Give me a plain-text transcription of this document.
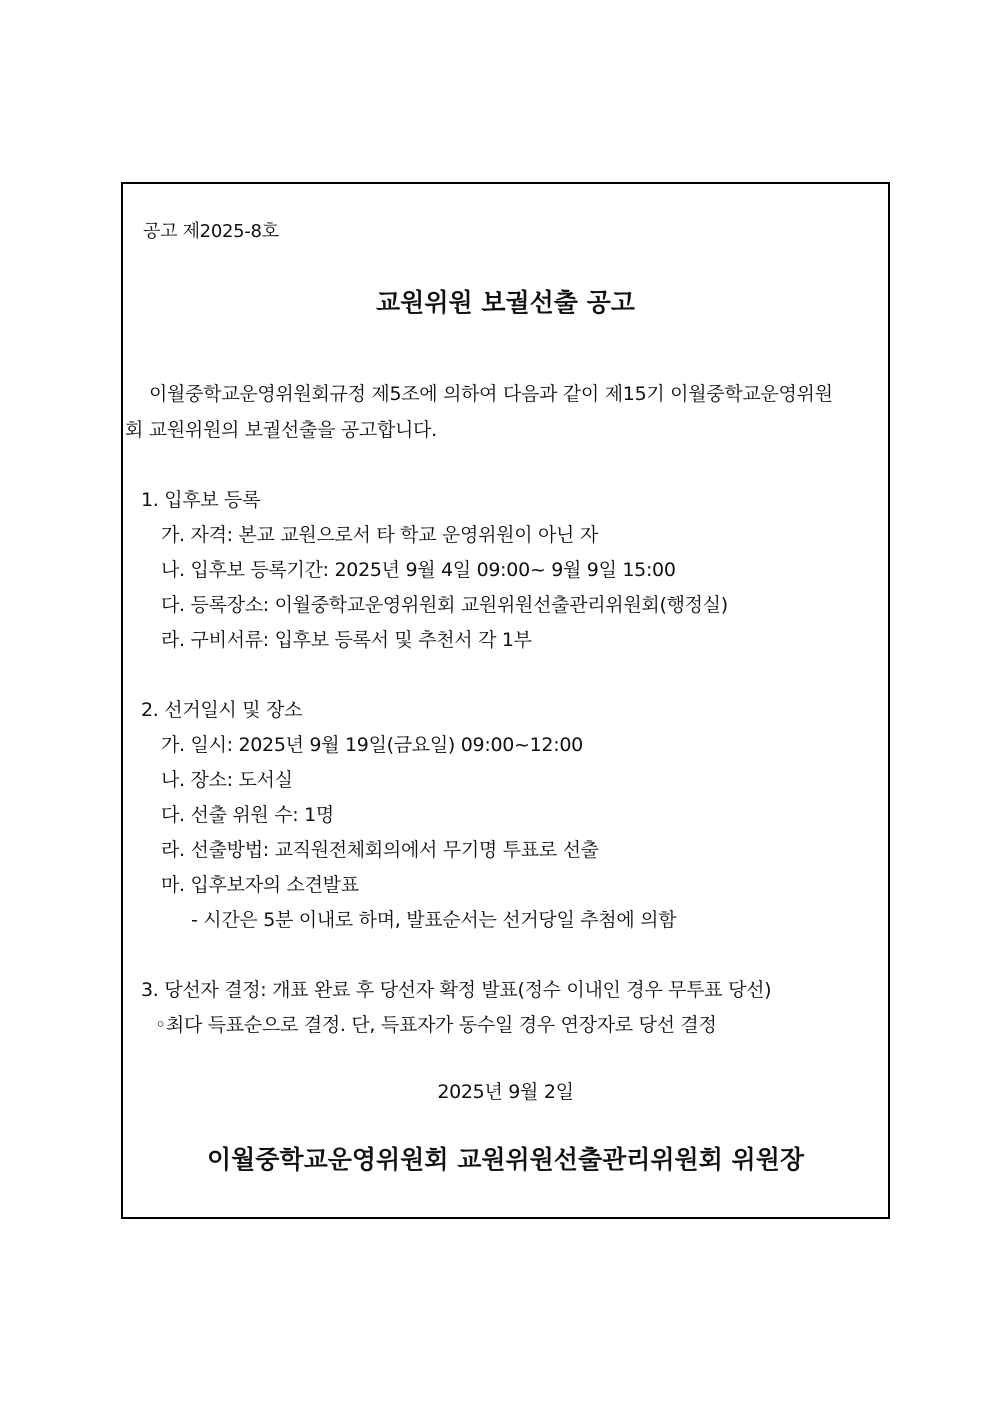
공고 제2025-8호
교원위원 보궐선출 공고
이월중학교운영위원회규정 제5조에 의하여 다음과 같이 제15기 이월중학교운영위원
회 교원위원의 보궐선출을 공고합니다.
1. 입후보 등록
가. 자격: 본교 교원으로서 타 학교 운영위원이 아닌 자
나. 입후보 등록기간: 2025년 9월 4일 09:00~ 9월 9일 15:00
다. 등록장소: 이월중학교운영위원회 교원위원선출관리위원회(행정실)
라. 구비서류: 입후보 등록서 및 추천서 각 1부
2. 선거일시 및 장소
가. 일시: 2025년 9월 19일(금요일) 09:00~12:00
나. 장소: 도서실
다. 선출 위원 수: 1명
라. 선출방법: 교직원전체회의에서 무기명 투표로 선출
마. 입후보자의 소견발표
- 시간은 5분 이내로 하며, 발표순서는 선거당일 추첨에 의함
3. 당선자 결정: 개표 완료 후 당선자 확정 발표(정수 이내인 경우 무투표 당선)
◦최다 득표순으로 결정. 단, 득표자가 동수일 경우 연장자로 당선 결정
2025년 9월 2일
이월중학교운영위원회 교원위원선출관리위원회 위원장
